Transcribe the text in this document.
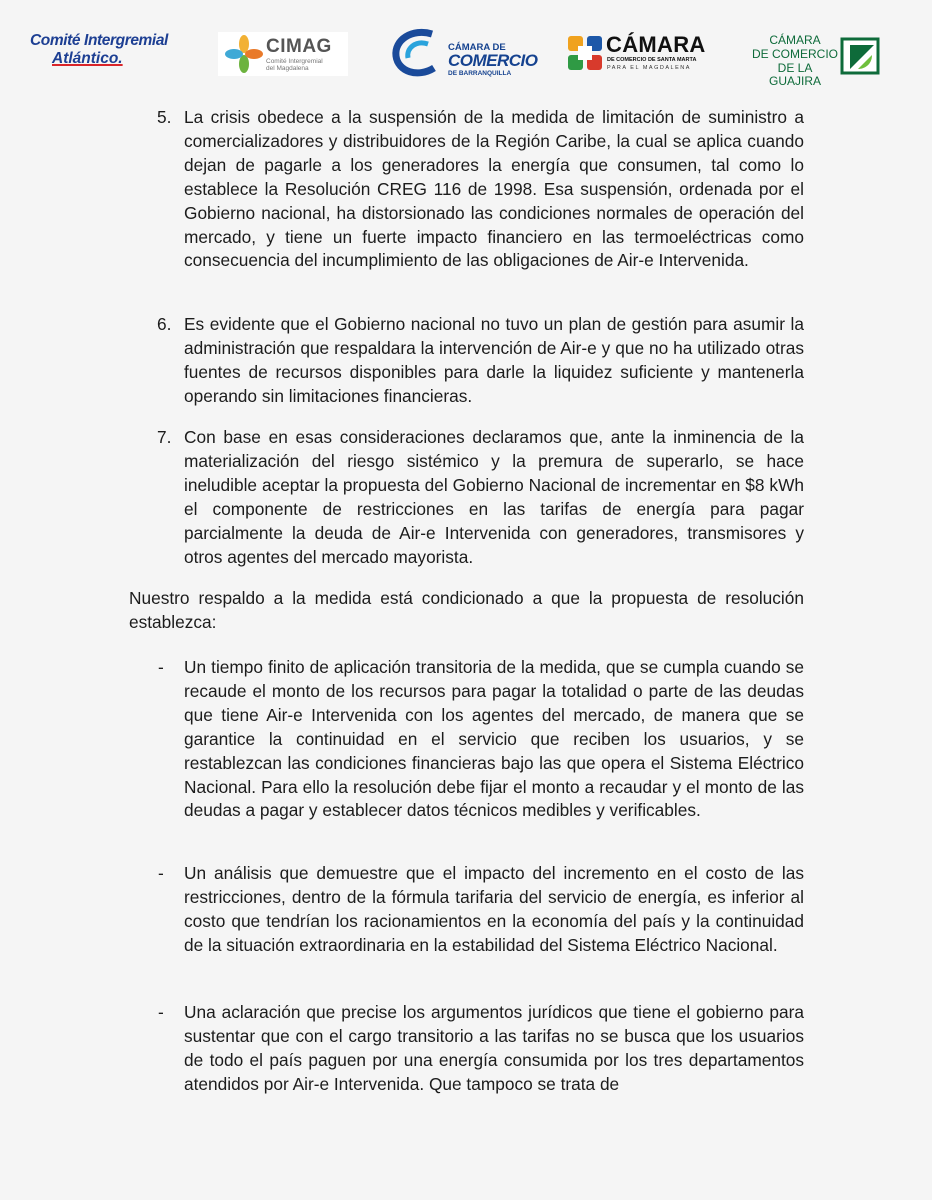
Comité Intergremial
Atlántico.
CIMAG
Comité Intergremial
del Magdalena
CÁMARA DE
COMERCIO
DE BARRANQUILLA
CÁMARA
DE COMERCIO DE SANTA MARTA
PARA EL MAGDALENA
CÁMARA
DE COMERCIO
DE LA GUAJIRA
5. La crisis obedece a la suspensión de la medida de limitación de suministro a comercializadores y distribuidores de la Región Caribe, la cual se aplica cuando dejan de pagarle a los generadores la energía que consumen, tal como lo establece la Resolución CREG 116 de 1998. Esa suspensión, ordenada por el Gobierno nacional, ha distorsionado las condiciones normales de operación del mercado, y tiene un fuerte impacto financiero en las termoeléctricas como consecuencia del incumplimiento de las obligaciones de Air-e Intervenida.

6. Es evidente que el Gobierno nacional no tuvo un plan de gestión para asumir la administración que respaldara la intervención de Air-e y que no ha utilizado otras fuentes de recursos disponibles para darle la liquidez suficiente y mantenerla operando sin limitaciones financieras.

7. Con base en esas consideraciones declaramos que, ante la inminencia de la materialización del riesgo sistémico y la premura de superarlo, se hace ineludible aceptar la propuesta del Gobierno Nacional de incrementar en $8 kWh el componente de restricciones en las tarifas de energía para pagar parcialmente la deuda de Air-e Intervenida con generadores, transmisores y otros agentes del mercado mayorista.

Nuestro respaldo a la medida está condicionado a que la propuesta de resolución establezca:

- Un tiempo finito de aplicación transitoria de la medida, que se cumpla cuando se recaude el monto de los recursos para pagar la totalidad o parte de las deudas que tiene Air-e Intervenida con los agentes del mercado, de manera que se garantice la continuidad en el servicio que reciben los usuarios, y se restablezcan las condiciones financieras bajo las que opera el Sistema Eléctrico Nacional. Para ello la resolución debe fijar el monto a recaudar y el monto de las deudas a pagar y establecer datos técnicos medibles y verificables.

- Un análisis que demuestre que el impacto del incremento en el costo de las restricciones, dentro de la fórmula tarifaria del servicio de energía, es inferior al costo que tendrían los racionamientos en la economía del país y la continuidad de la situación extraordinaria en la estabilidad del Sistema Eléctrico Nacional.

- Una aclaración que precise los argumentos jurídicos que tiene el gobierno para sustentar que con el cargo transitorio a las tarifas no se busca que los usuarios de todo el país paguen por una energía consumida por los tres departamentos atendidos por Air-e Intervenida. Que tampoco se trata de
